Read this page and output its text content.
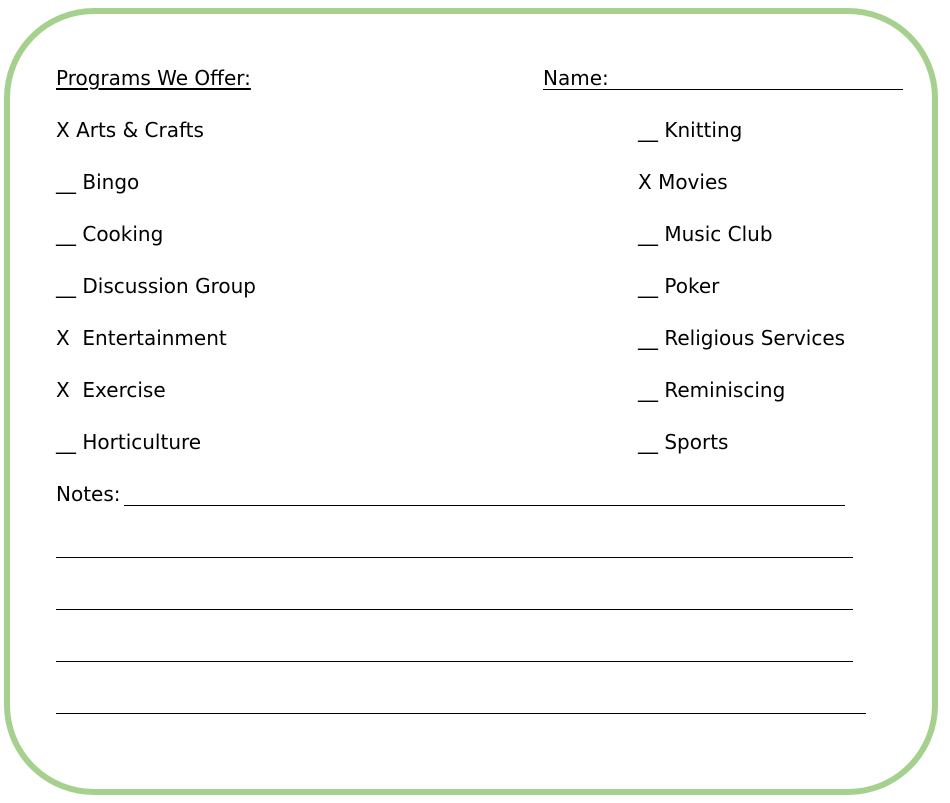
Programs We Offer:	Name:
X Arts & Crafts
__ Bingo
__ Cooking
__ Discussion Group
X Entertainment
X Exercise
__ Horticulture
__ Knitting
X Movies
__ Music Club
__ Poker
__ Religious Services
__ Reminiscing
__ Sports
Notes:
